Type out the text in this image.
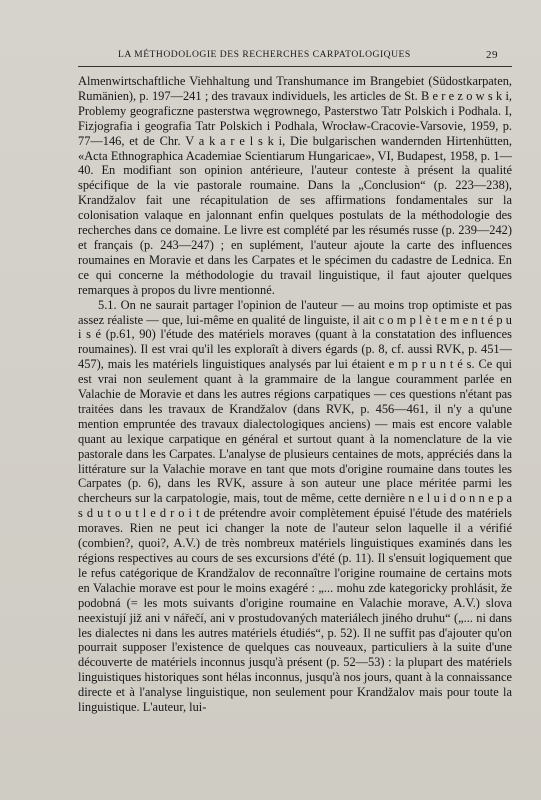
LA MÉTHODOLOGIE DES RECHERCHES CARPATOLOGIQUES	29

Almenwirtschaftliche Viehhaltung und Transhumance im Brangebiet (Südostkarpaten, Rumänien), p. 197—241 ; des travaux individuels, les articles de St. B e r e z o w s k i, Problemy geograficzne pasterstwa węgrownego, Pasterstwo Tatr Polskich i Podhala. I, Fizjografia i geografia Tatr Polskich i Podhala, Wrocław-Cracovie-Varsovie, 1959, p. 77—146, et de Chr. V a k a r e l s k i, Die bulgarischen wandernden Hirtenhütten, «Acta Ethnographica Academiae Scientiarum Hungaricae», VI, Budapest, 1958, p. 1—40. En modifiant son opinion antérieure, l'auteur conteste à présent la qualité spécifique de la vie pastorale roumaine. Dans la „Conclusion“ (p. 223—238), Krandžalov fait une récapitulation de ses affirmations fondamentales sur la colonisation valaque en jalonnant enfin quelques postulats de la méthodologie des recherches dans ce domaine. Le livre est complété par les résumés russe (p. 239—242) et français (p. 243—247) ; en suplément, l'auteur ajoute la carte des influences roumaines en Moravie et dans les Carpates et le spécimen du cadastre de Lednica. En ce qui concerne la méthodologie du travail linguistique, il faut ajouter quelques remarques à propos du livre mentionné.

5.1. On ne saurait partager l'opinion de l'auteur — au moins trop optimiste et pas assez réaliste — que, lui-même en qualité de linguiste, il ait c o m p l è t e m e n t é p u i s é (p.61, 90) l'étude des matériels moraves (quant à la constatation des influences roumaines). Il est vrai qu'il les exploraît à divers égards (p. 8, cf. aussi RVK, p. 451—457), mais les matériels linguistiques analysés par lui étaient e m p r u n t é s. Ce qui est vrai non seulement quant à la grammaire de la langue couramment parlée en Valachie de Moravie et dans les autres régions carpatiques — ces questions n'étant pas traitées dans les travaux de Krandžalov (dans RVK, p. 456—461, il n'y a qu'une mention empruntée des travaux dialectologiques anciens) — mais est encore valable quant au lexique carpatique en général et surtout quant à la nomenclature de la vie pastorale dans les Carpates. L'analyse de plusieurs centaines de mots, appréciés dans la littérature sur la Valachie morave en tant que mots d'origine roumaine dans toutes les Carpates (p. 6), dans les RVK, assure à son auteur une place méritée parmi les chercheurs sur la carpatologie, mais, tout de même, cette dernière n e l u i d o n n e p a s d u t o u t l e d r o i t de prétendre avoir complètement épuisé l'étude des matériels moraves. Rien ne peut ici changer la note de l'auteur selon laquelle il a vérifié (combien?, quoi?, A.V.) de très nombreux matériels linguistiques examinés dans les régions respectives au cours de ses excursions d'été (p. 11). Il s'ensuit logiquement que le refus catégorique de Krandžalov de reconnaître l'origine roumaine de certains mots en Valachie morave est pour le moins exagéré : „... mohu zde kategoricky prohlásit, že podobná (= les mots suivants d'origine roumaine en Valachie morave, A.V.) slova neexistují již ani v nářečí, ani v prostudovaných materiálech jiného druhu“ („... ni dans les dialectes ni dans les autres matériels étudiés“, p. 52). Il ne suffit pas d'ajouter qu'on pourrait supposer l'existence de quelques cas nouveaux, particuliers à la suite d'une découverte de matériels inconnus jusqu'à présent (p. 52—53) : la plupart des matériels linguistiques historiques sont hélas inconnus, jusqu'à nos jours, quant à la connaissance directe et à l'analyse linguistique, non seulement pour Krandžalov mais pour toute la linguistique. L'auteur, lui-
